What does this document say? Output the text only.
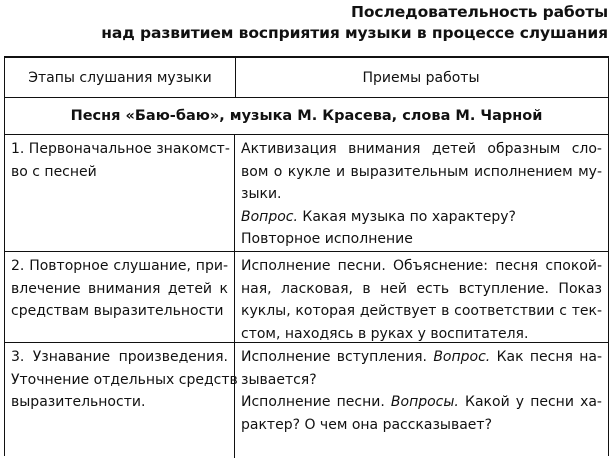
Последовательность работы
над развитием восприятия музыки в процессе слушания
Этапы слушания музыки	Приемы работы
Песня «Баю-баю», музыка М. Красева, слова М. Чарной
1. Первоначальное знакомст-
во с песней
Активизация внимания детей образным сло-
вом о кукле и выразительным исполнением му-
зыки.
Вопрос. Какая музыка по характеру?
Повторное исполнение
2. Повторное слушание, при-
влечение внимания детей к
средствам выразительности
Исполнение песни. Объяснение: песня спокой-
ная, ласковая, в ней есть вступление. Показ
куклы, которая действует в соответствии с тек-
стом, находясь в руках у воспитателя.
3. Узнавание произведения.
Уточнение отдельных средств
выразительности.
Исполнение вступления. Вопрос. Как песня на-
зывается?
Исполнение песни. Вопросы. Какой у песни ха-
рактер? О чем она рассказывает?
